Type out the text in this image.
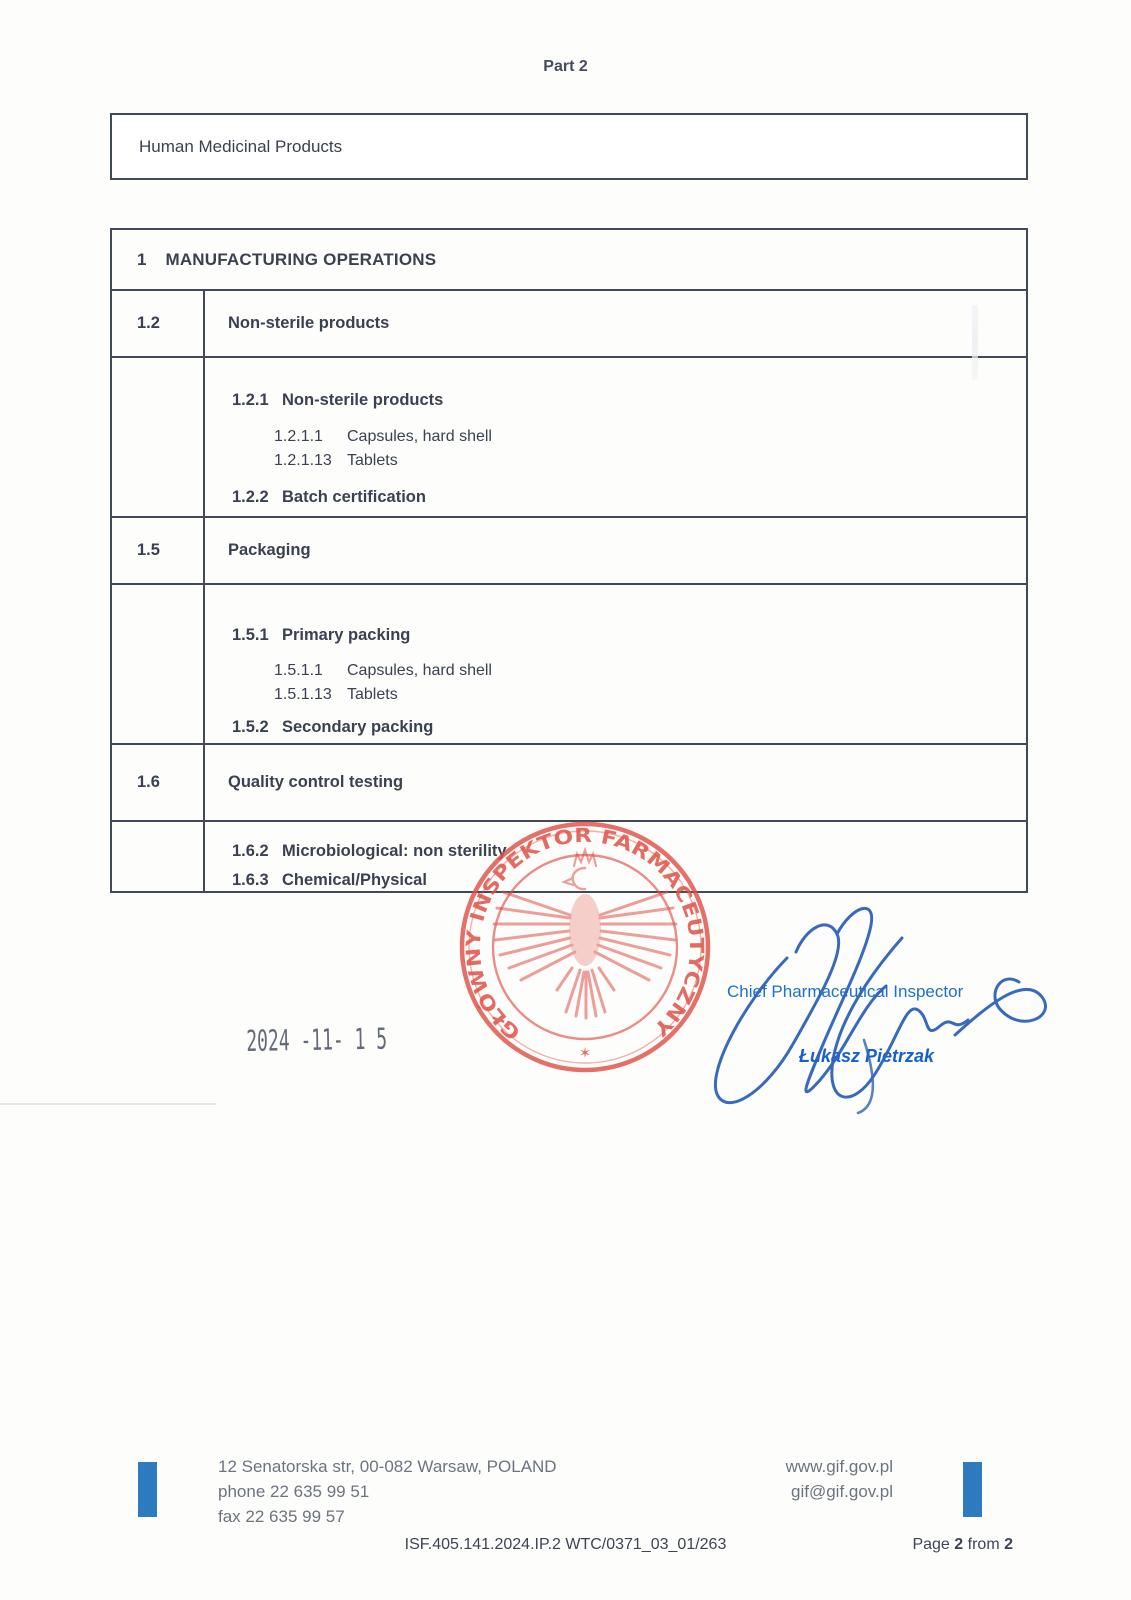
Part 2
Human Medicinal Products
1 MANUFACTURING OPERATIONS
1.2	Non-sterile products
1.2.1 Non-sterile products
1.2.1.1	Capsules, hard shell
1.2.1.13 Tablets
1.2.2 Batch certification
1.5	Packaging
1.5.1 Primary packing
1.5.1.1	Capsules, hard shell
1.5.1.13 Tablets
1.5.2 Secondary packing
1.6	Quality control testing
1.6.2 Microbiological: non sterility
1.6.3 Chemical/Physical
GŁÓWNY INSPEKTOR FARMACEUTYCZNY
✶
2024 -11- 1 5
Chief Pharmaceutical Inspector
Łukasz Pietrzak
12 Senatorska str, 00-082 Warsaw, POLAND
phone 22 635 99 51
fax 22 635 99 57
www.gif.gov.pl
gif@gif.gov.pl
ISF.405.141.2024.IP.2 WTC/0371_03_01/263	Page 2 from 2
